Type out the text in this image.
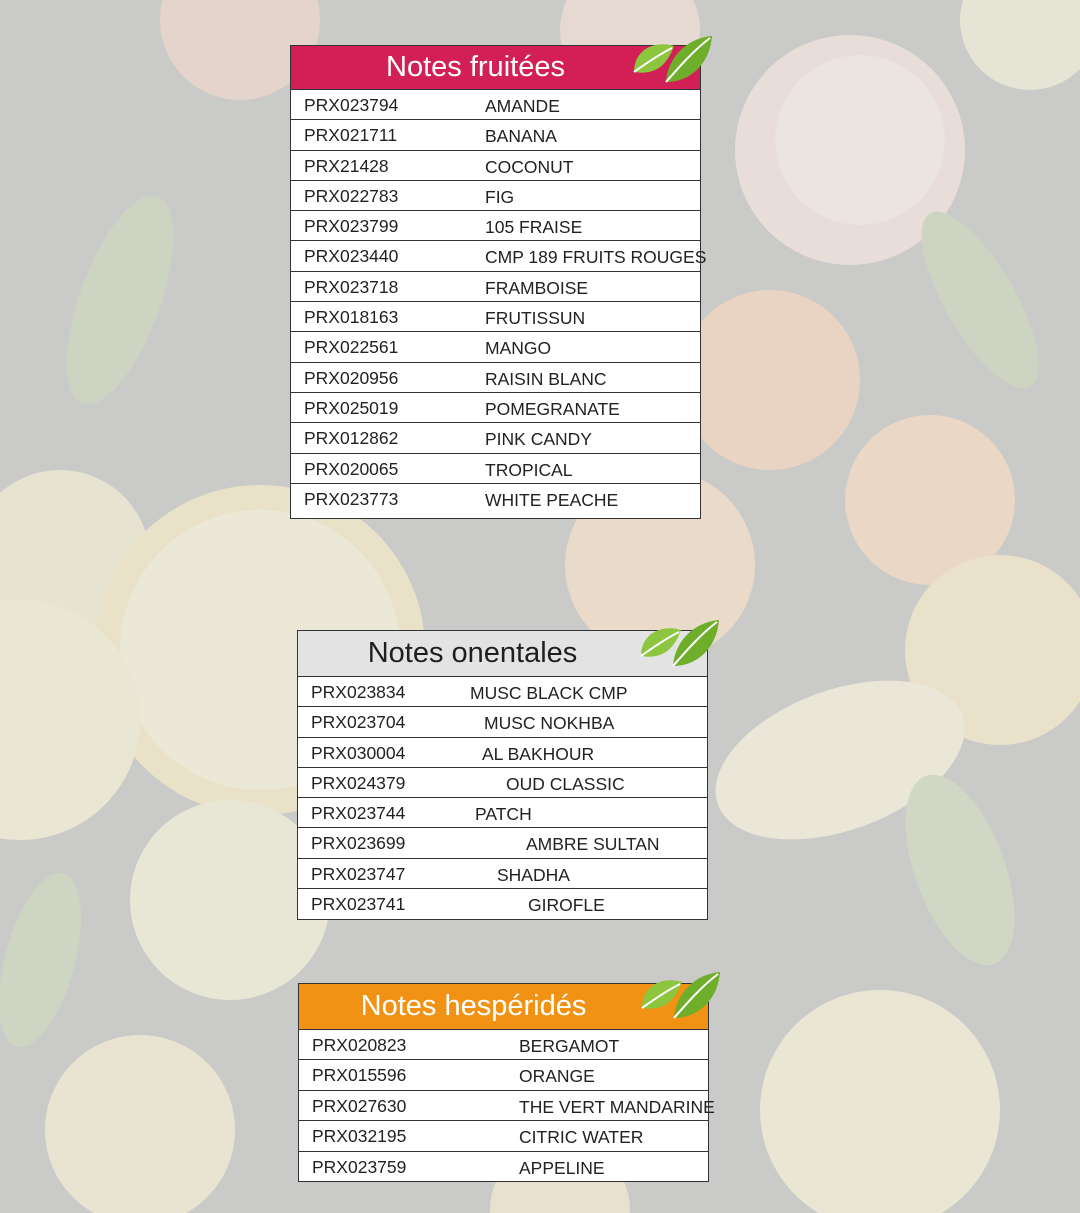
Notes fruitées
PRX023794	AMANDE
PRX021711	BANANA
PRX21428	COCONUT
PRX022783	FIG
PRX023799	105 FRAISE
PRX023440	CMP 189 FRUITS ROUGES
PRX023718	FRAMBOISE
PRX018163	FRUTISSUN
PRX022561	MANGO
PRX020956	RAISIN BLANC
PRX025019	POMEGRANATE
PRX012862	PINK CANDY
PRX020065	TROPICAL
PRX023773	WHITE PEACHE
Notes onentales
PRX023834	MUSC BLACK CMP
PRX023704	MUSC NOKHBA
PRX030004	AL BAKHOUR
PRX024379	OUD CLASSIC
PRX023744	PATCH
PRX023699	AMBRE SULTAN
PRX023747	SHADHA
PRX023741	GIROFLE
Notes hespéridés
PRX020823	BERGAMOT
PRX015596	ORANGE
PRX027630	THE VERT MANDARINE
PRX032195	CITRIC WATER
PRX023759	APPELINE
